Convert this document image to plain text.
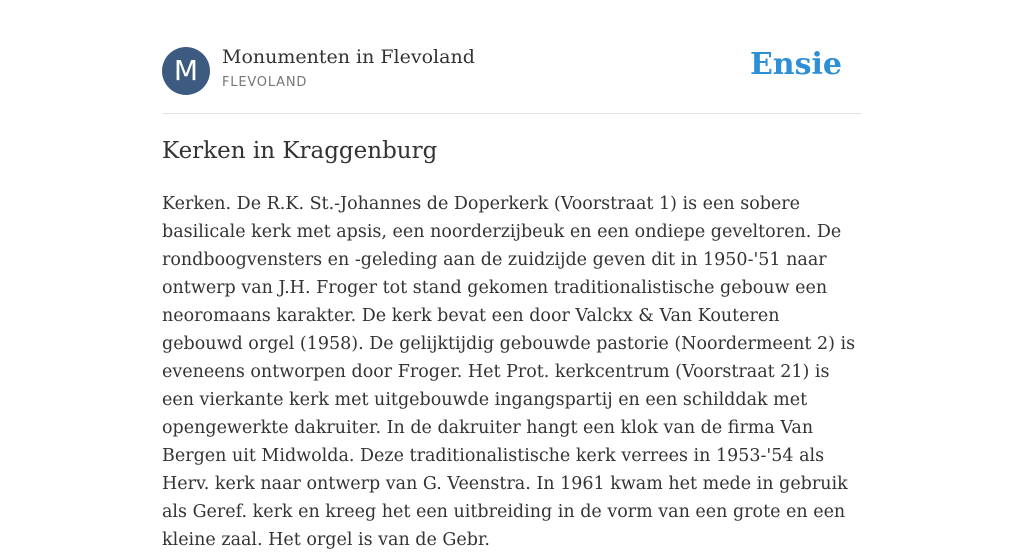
M	Monumenten in Flevoland
FLEVOLAND
Ensie
Kerken in Kraggenburg

Kerken. De R.K. St.-Johannes de Doperkerk (Voorstraat 1) is een sobere basilicale kerk met apsis, een noorderzijbeuk en een ondiepe geveltoren. De rondboogvensters en -geleding aan de zuidzijde geven dit in 1950-'51 naar ontwerp van J.H. Froger tot stand gekomen traditionalistische gebouw een neoromaans karakter. De kerk bevat een door Valckx & Van Kouteren gebouwd orgel (1958). De gelijktijdig gebouwde pastorie (Noordermeent 2) is eveneens ontworpen door Froger. Het Prot. kerkcentrum (Voorstraat 21) is een vierkante kerk met uitgebouwde ingangspartij en een schilddak met opengewerkte dakruiter. In de dakruiter hangt een klok van de firma Van Bergen uit Midwolda. Deze traditionalistische kerk verrees in 1953-'54 als Herv. kerk naar ontwerp van G. Veenstra. In 1961 kwam het mede in gebruik als Geref. kerk en kreeg het een uitbreiding in de vorm van een grote en een kleine zaal. Het orgel is van de Gebr.
